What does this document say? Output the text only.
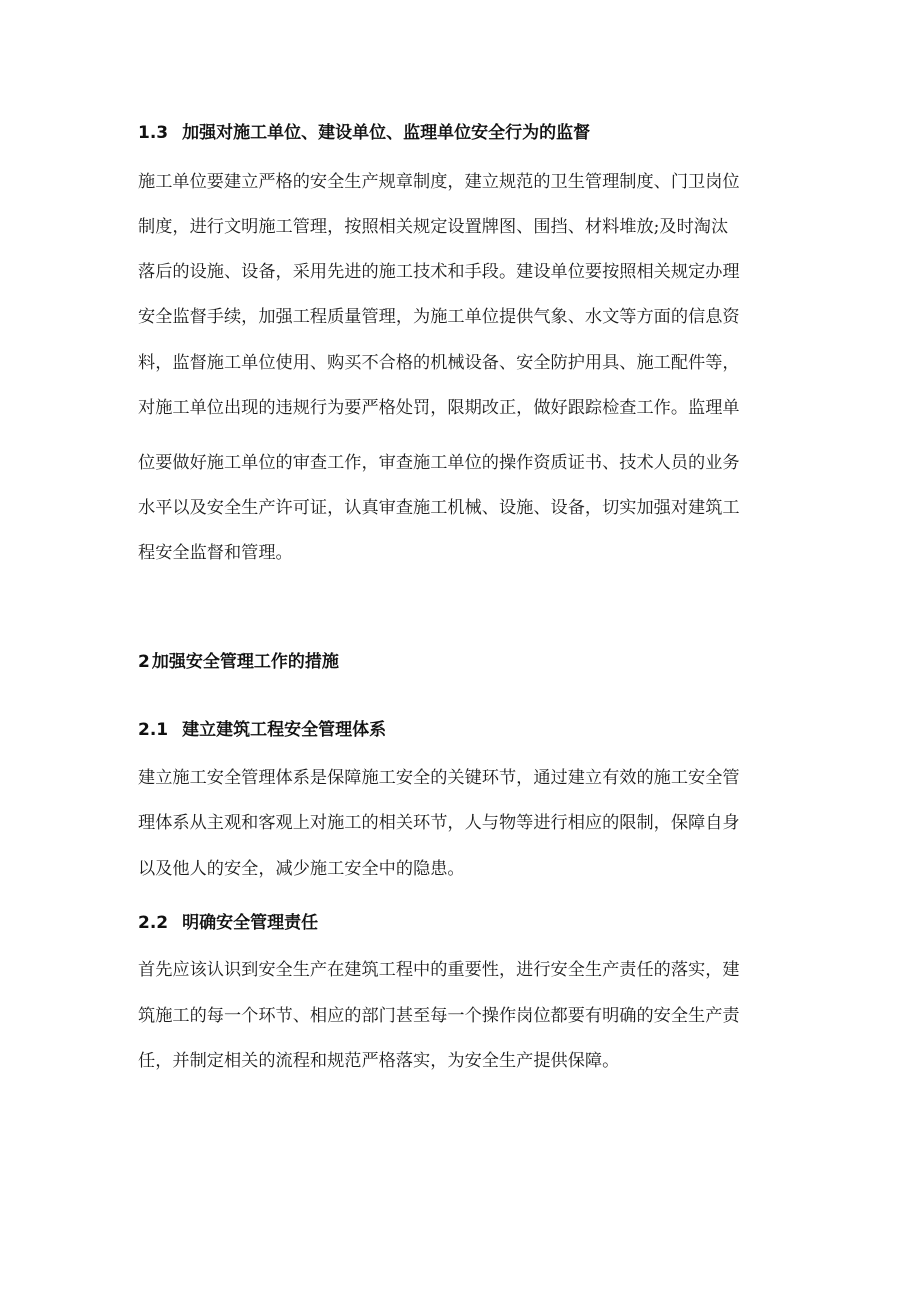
1.3 加强对施工单位、建设单位、监理单位安全行为的监督
施工单位要建立严格的安全生产规章制度，建立规范的卫生管理制度、门卫岗位
制度，进行文明施工管理，按照相关规定设置牌图、围挡、材料堆放;及时淘汰
落后的设施、设备，采用先进的施工技术和手段。建设单位要按照相关规定办理
安全监督手续，加强工程质量管理，为施工单位提供气象、水文等方面的信息资
料，监督施工单位使用、购买不合格的机械设备、安全防护用具、施工配件等，
对施工单位出现的违规行为要严格处罚，限期改正，做好跟踪检查工作。监理单
位要做好施工单位的审查工作，审查施工单位的操作资质证书、技术人员的业务
水平以及安全生产许可证，认真审查施工机械、设施、设备，切实加强对建筑工
程安全监督和管理。
2 加强安全管理工作的措施
2.1 建立建筑工程安全管理体系
建立施工安全管理体系是保障施工安全的关键环节，通过建立有效的施工安全管
理体系从主观和客观上对施工的相关环节，人与物等进行相应的限制，保障自身
以及他人的安全，减少施工安全中的隐患。
2.2 明确安全管理责任
首先应该认识到安全生产在建筑工程中的重要性，进行安全生产责任的落实，建
筑施工的每一个环节、相应的部门甚至每一个操作岗位都要有明确的安全生产责
任，并制定相关的流程和规范严格落实，为安全生产提供保障。
